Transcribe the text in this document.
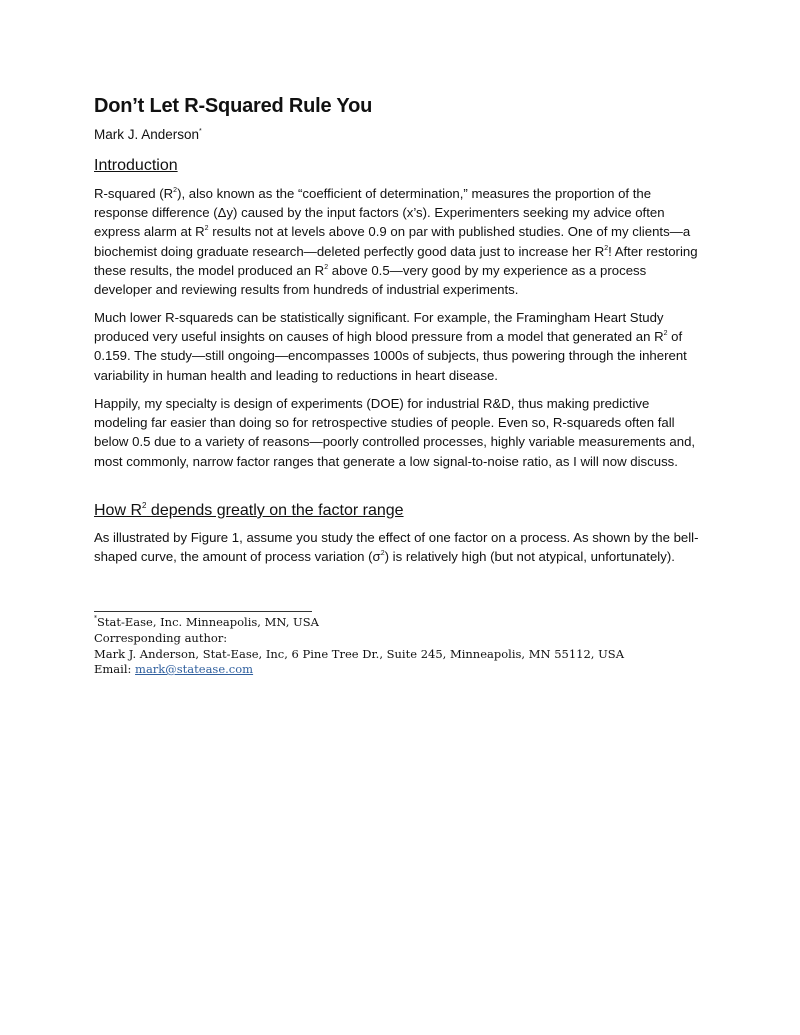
Don’t Let R-Squared Rule You
Mark J. Anderson*
Introduction

R-squared $(R^2)$, also known as the “coefficient of determination,” measures the proportion of the response difference (Δy) caused by the input factors (x’s). Experimenters seeking my advice often express alarm at $R^2$ results not at levels above 0.9 on par with published studies. One of my clients—a biochemist doing graduate research—deleted perfectly good data just to increase her $R^2$! After restoring these results, the model produced an $R^2$ above 0.5—very good by my experience as a process developer and reviewing results from hundreds of industrial experiments.

Much lower R-squareds can be statistically significant. For example, the Framingham Heart Study produced very useful insights on causes of high blood pressure from a model that generated an $R^2$ of 0.159. The study—still ongoing—encompasses 1000s of subjects, thus powering through the inherent variability in human health and leading to reductions in heart disease.

Happily, my specialty is design of experiments (DOE) for industrial R&D, thus making predictive modeling far easier than doing so for retrospective studies of people. Even so, R-squareds often fall below 0.5 due to a variety of reasons—poorly controlled processes, highly variable measurements and, most commonly, narrow factor ranges that generate a low signal-to-noise ratio, as I will now discuss.

How $R^2$ depends greatly on the factor range

As illustrated by Figure 1, assume you study the effect of one factor on a process. As shown by the bell-shaped curve, the amount of process variation $(\sigma^2)$ is relatively high (but not atypical, unfortunately).

*Stat-Ease, Inc. Minneapolis, MN, USA
Corresponding author:
Mark J. Anderson, Stat-Ease, Inc, 6 Pine Tree Dr., Suite 245, Minneapolis, MN 55112, USA
Email: mark@statease.com
